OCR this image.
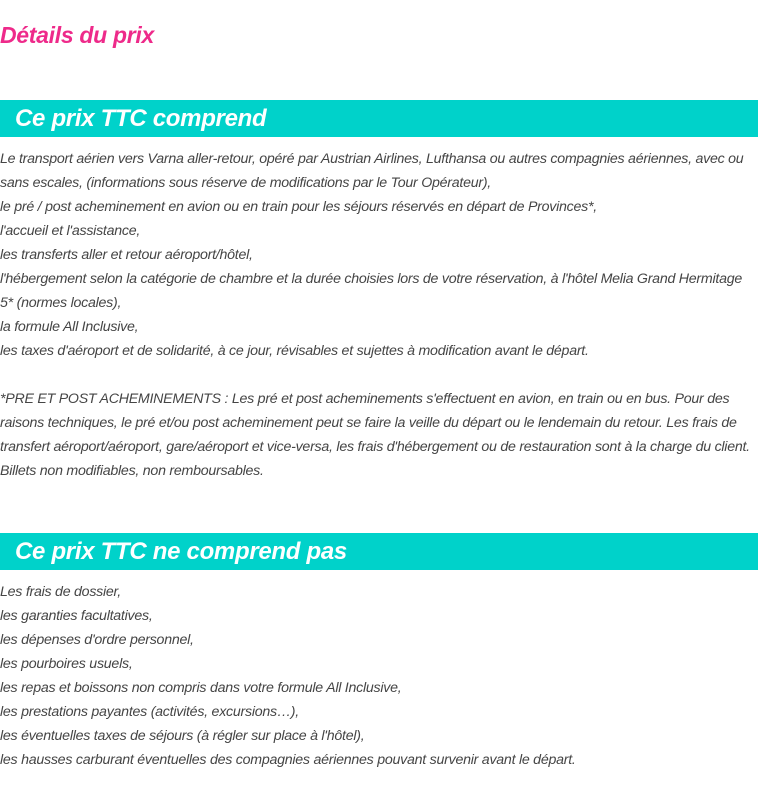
Détails du prix
Ce prix TTC comprend
Le transport aérien vers Varna aller-retour, opéré par Austrian Airlines, Lufthansa ou autres compagnies aériennes, avec ou sans escales, (informations sous réserve de modifications par le Tour Opérateur),
le pré / post acheminement en avion ou en train pour les séjours réservés en départ de Provinces*,
l'accueil et l'assistance,
les transferts aller et retour aéroport/hôtel,
l'hébergement selon la catégorie de chambre et la durée choisies lors de votre réservation, à l'hôtel Melia Grand Hermitage 5* (normes locales),
la formule All Inclusive,
les taxes d'aéroport et de solidarité, à ce jour, révisables et sujettes à modification avant le départ.
*PRE ET POST ACHEMINEMENTS : Les pré et post acheminements s'effectuent en avion, en train ou en bus. Pour des raisons techniques, le pré et/ou post acheminement peut se faire la veille du départ ou le lendemain du retour. Les frais de transfert aéroport/aéroport, gare/aéroport et vice-versa, les frais d'hébergement ou de restauration sont à la charge du client. Billets non modifiables, non remboursables.
Ce prix TTC ne comprend pas
Les frais de dossier,
les garanties facultatives,
les dépenses d'ordre personnel,
les pourboires usuels,
les repas et boissons non compris dans votre formule All Inclusive,
les prestations payantes (activités, excursions…),
les éventuelles taxes de séjours (à régler sur place à l'hôtel),
les hausses carburant éventuelles des compagnies aériennes pouvant survenir avant le départ.
